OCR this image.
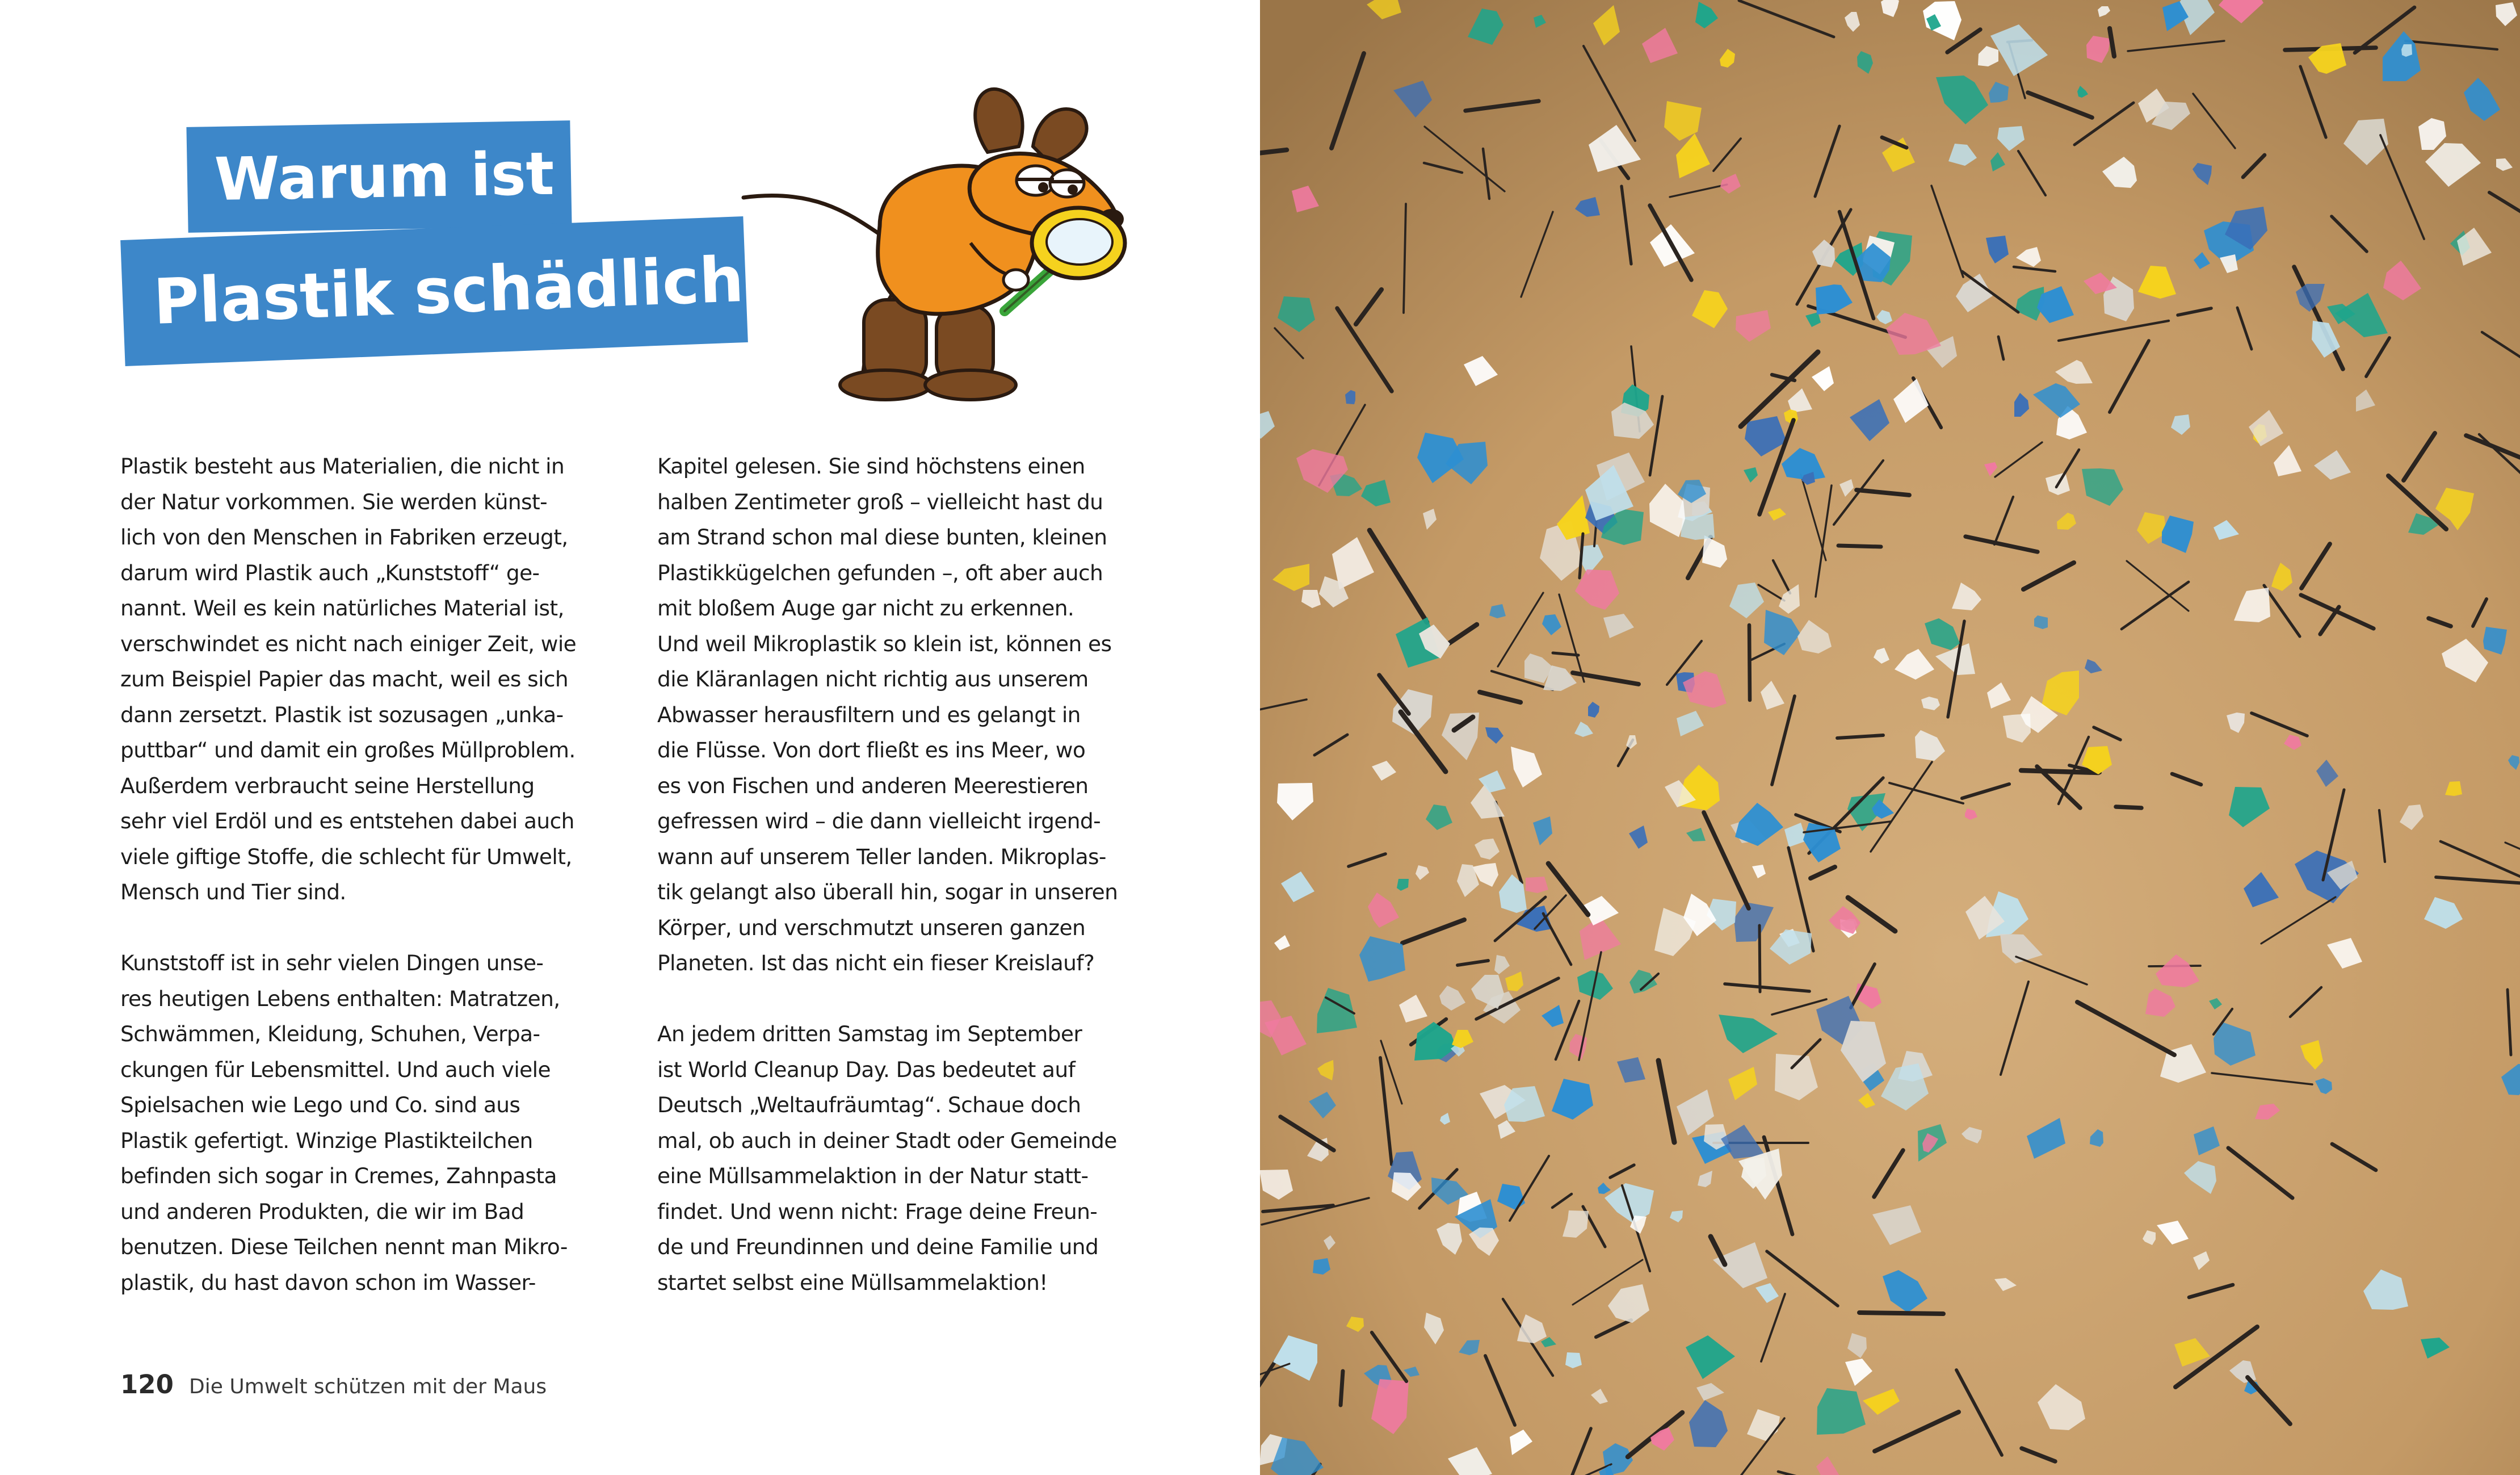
Warum ist
Plastik schädlich?
Plastik besteht aus Materialien, die nicht in
der Natur vorkommen. Sie werden künst-
lich von den Menschen in Fabriken erzeugt,
darum wird Plastik auch „Kunststoff“ ge-
nannt. Weil es kein natürliches Material ist,
verschwindet es nicht nach einiger Zeit, wie
zum Beispiel Papier das macht, weil es sich
dann zersetzt. Plastik ist sozusagen „unka-
puttbar“ und damit ein großes Müllproblem.
Außerdem verbraucht seine Herstellung
sehr viel Erdöl und es entstehen dabei auch
viele giftige Stoffe, die schlecht für Umwelt,
Mensch und Tier sind.
Kunststoff ist in sehr vielen Dingen unse-
res heutigen Lebens enthalten: Matratzen,
Schwämmen, Kleidung, Schuhen, Verpa-
ckungen für Lebensmittel. Und auch viele
Spielsachen wie Lego und Co. sind aus
Plastik gefertigt. Winzige Plastikteilchen
befinden sich sogar in Cremes, Zahnpasta
und anderen Produkten, die wir im Bad
benutzen. Diese Teilchen nennt man Mikro-
plastik, du hast davon schon im Wasser-
Kapitel gelesen. Sie sind höchstens einen
halben Zentimeter groß – vielleicht hast du
am Strand schon mal diese bunten, kleinen
Plastikkügelchen gefunden –, oft aber auch
mit bloßem Auge gar nicht zu erkennen.
Und weil Mikroplastik so klein ist, können es
die Kläranlagen nicht richtig aus unserem
Abwasser herausfiltern und es gelangt in
die Flüsse. Von dort fließt es ins Meer, wo
es von Fischen und anderen Meerestieren
gefressen wird – die dann vielleicht irgend-
wann auf unserem Teller landen. Mikroplas-
tik gelangt also überall hin, sogar in unseren
Körper, und verschmutzt unseren ganzen
Planeten. Ist das nicht ein fieser Kreislauf?
An jedem dritten Samstag im September
ist World Cleanup Day. Das bedeutet auf
Deutsch „Weltaufräumtag“. Schaue doch
mal, ob auch in deiner Stadt oder Gemeinde
eine Müllsammelaktion in der Natur statt-
findet. Und wenn nicht: Frage deine Freun-
de und Freundinnen und deine Familie und
startet selbst eine Müllsammelaktion!
120 Die Umwelt schützen mit der Maus
